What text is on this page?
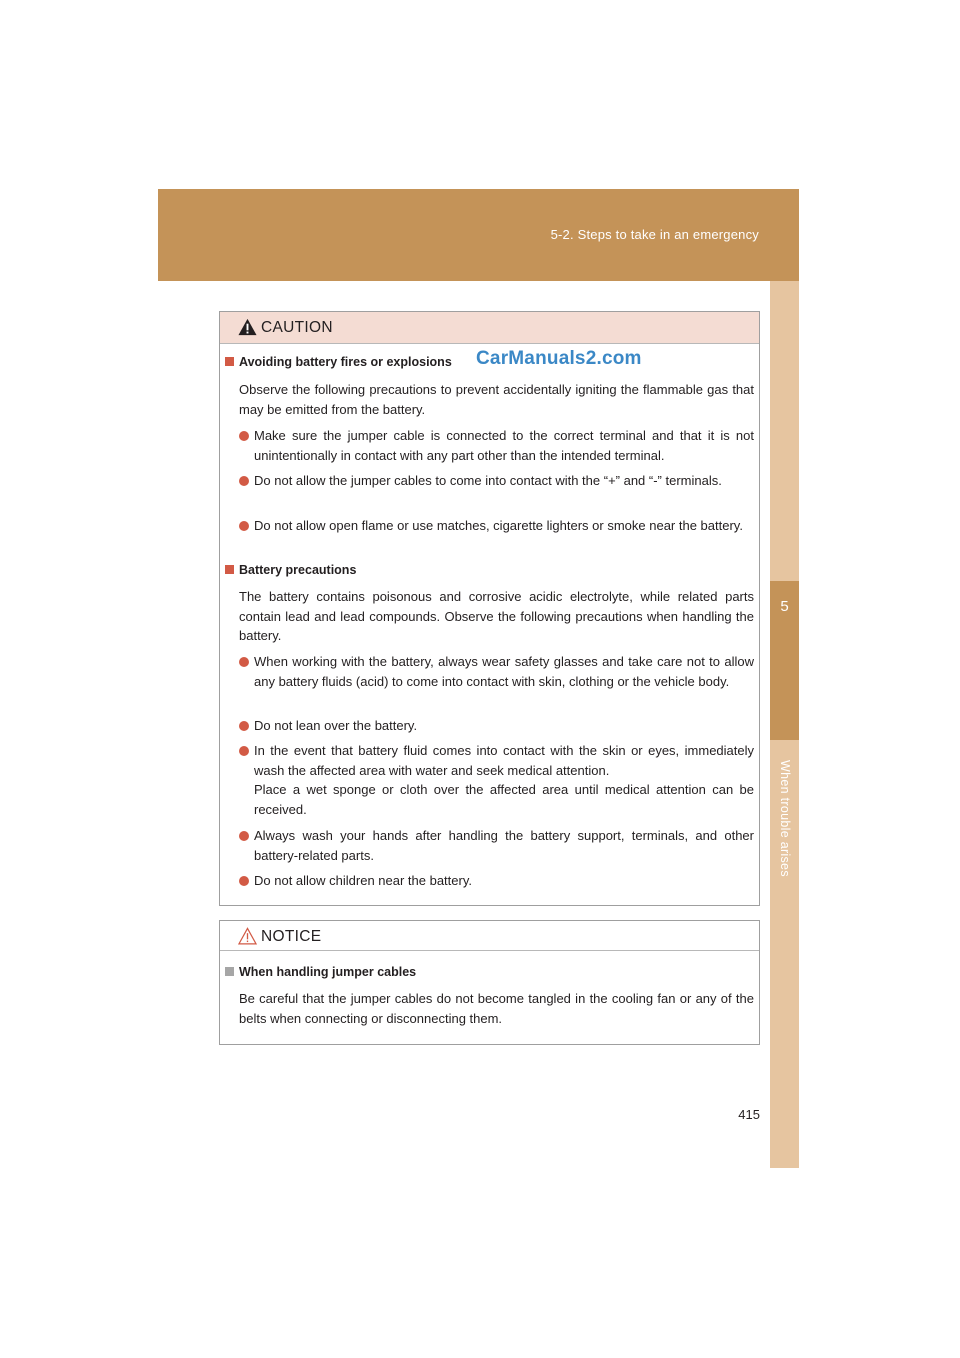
5-2. Steps to take in an emergency
5
When trouble arises
CAUTION
CarManuals2.com
Avoiding battery fires or explosions
Observe the following precautions to prevent accidentally igniting the flammable gas that may be emitted from the battery.
Make sure the jumper cable is connected to the correct terminal and that it is not unintentionally in contact with any part other than the intended terminal.
Do not allow the jumper cables to come into contact with the “+” and “-” terminals.
Do not allow open flame or use matches, cigarette lighters or smoke near the battery.
Battery precautions
The battery contains poisonous and corrosive acidic electrolyte, while related parts contain lead and lead compounds. Observe the following precautions when handling the battery.
When working with the battery, always wear safety glasses and take care not to allow any battery fluids (acid) to come into contact with skin, clothing or the vehicle body.
Do not lean over the battery.
In the event that battery fluid comes into contact with the skin or eyes, immediately wash the affected area with water and seek medical attention.
Place a wet sponge or cloth over the affected area until medical attention can be received.
Always wash your hands after handling the battery support, terminals, and other battery-related parts.
Do not allow children near the battery.
NOTICE
When handling jumper cables
Be careful that the jumper cables do not become tangled in the cooling fan or any of the belts when connecting or disconnecting them.
415
